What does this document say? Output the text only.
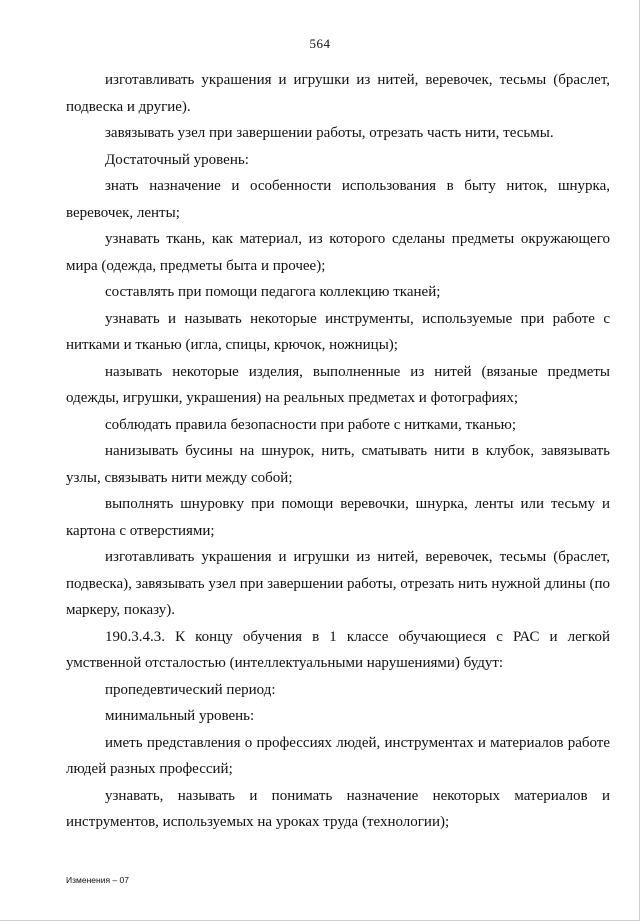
564

изготавливать украшения и игрушки из нитей, веревочек, тесьмы (браслет, подвеска и другие).

завязывать узел при завершении работы, отрезать часть нити, тесьмы.

Достаточный уровень:

знать назначение и особенности использования в быту ниток, шнурка, веревочек, ленты;

узнавать ткань, как материал, из которого сделаны предметы окружающего мира (одежда, предметы быта и прочее);

составлять при помощи педагога коллекцию тканей;

узнавать и называть некоторые инструменты, используемые при работе с нитками и тканью (игла, спицы, крючок, ножницы);

называть некоторые изделия, выполненные из нитей (вязаные предметы одежды, игрушки, украшения) на реальных предметах и фотографиях;

соблюдать правила безопасности при работе с нитками, тканью;

нанизывать бусины на шнурок, нить, сматывать нити в клубок, завязывать узлы, связывать нити между собой;

выполнять шнуровку при помощи веревочки, шнурка, ленты или тесьму и картона с отверстиями;

изготавливать украшения и игрушки из нитей, веревочек, тесьмы (браслет, подвеска), завязывать узел при завершении работы, отрезать нить нужной длины (по маркеру, показу).

190.3.4.3. К концу обучения в 1 классе обучающиеся с РАС и легкой умственной отсталостью (интеллектуальными нарушениями) будут:

пропедевтический период:

минимальный уровень:

иметь представления о профессиях людей, инструментах и материалов работе людей разных профессий;

узнавать, называть и понимать назначение некоторых материалов и инструментов, используемых на уроках труда (технологии);

Изменения – 07
